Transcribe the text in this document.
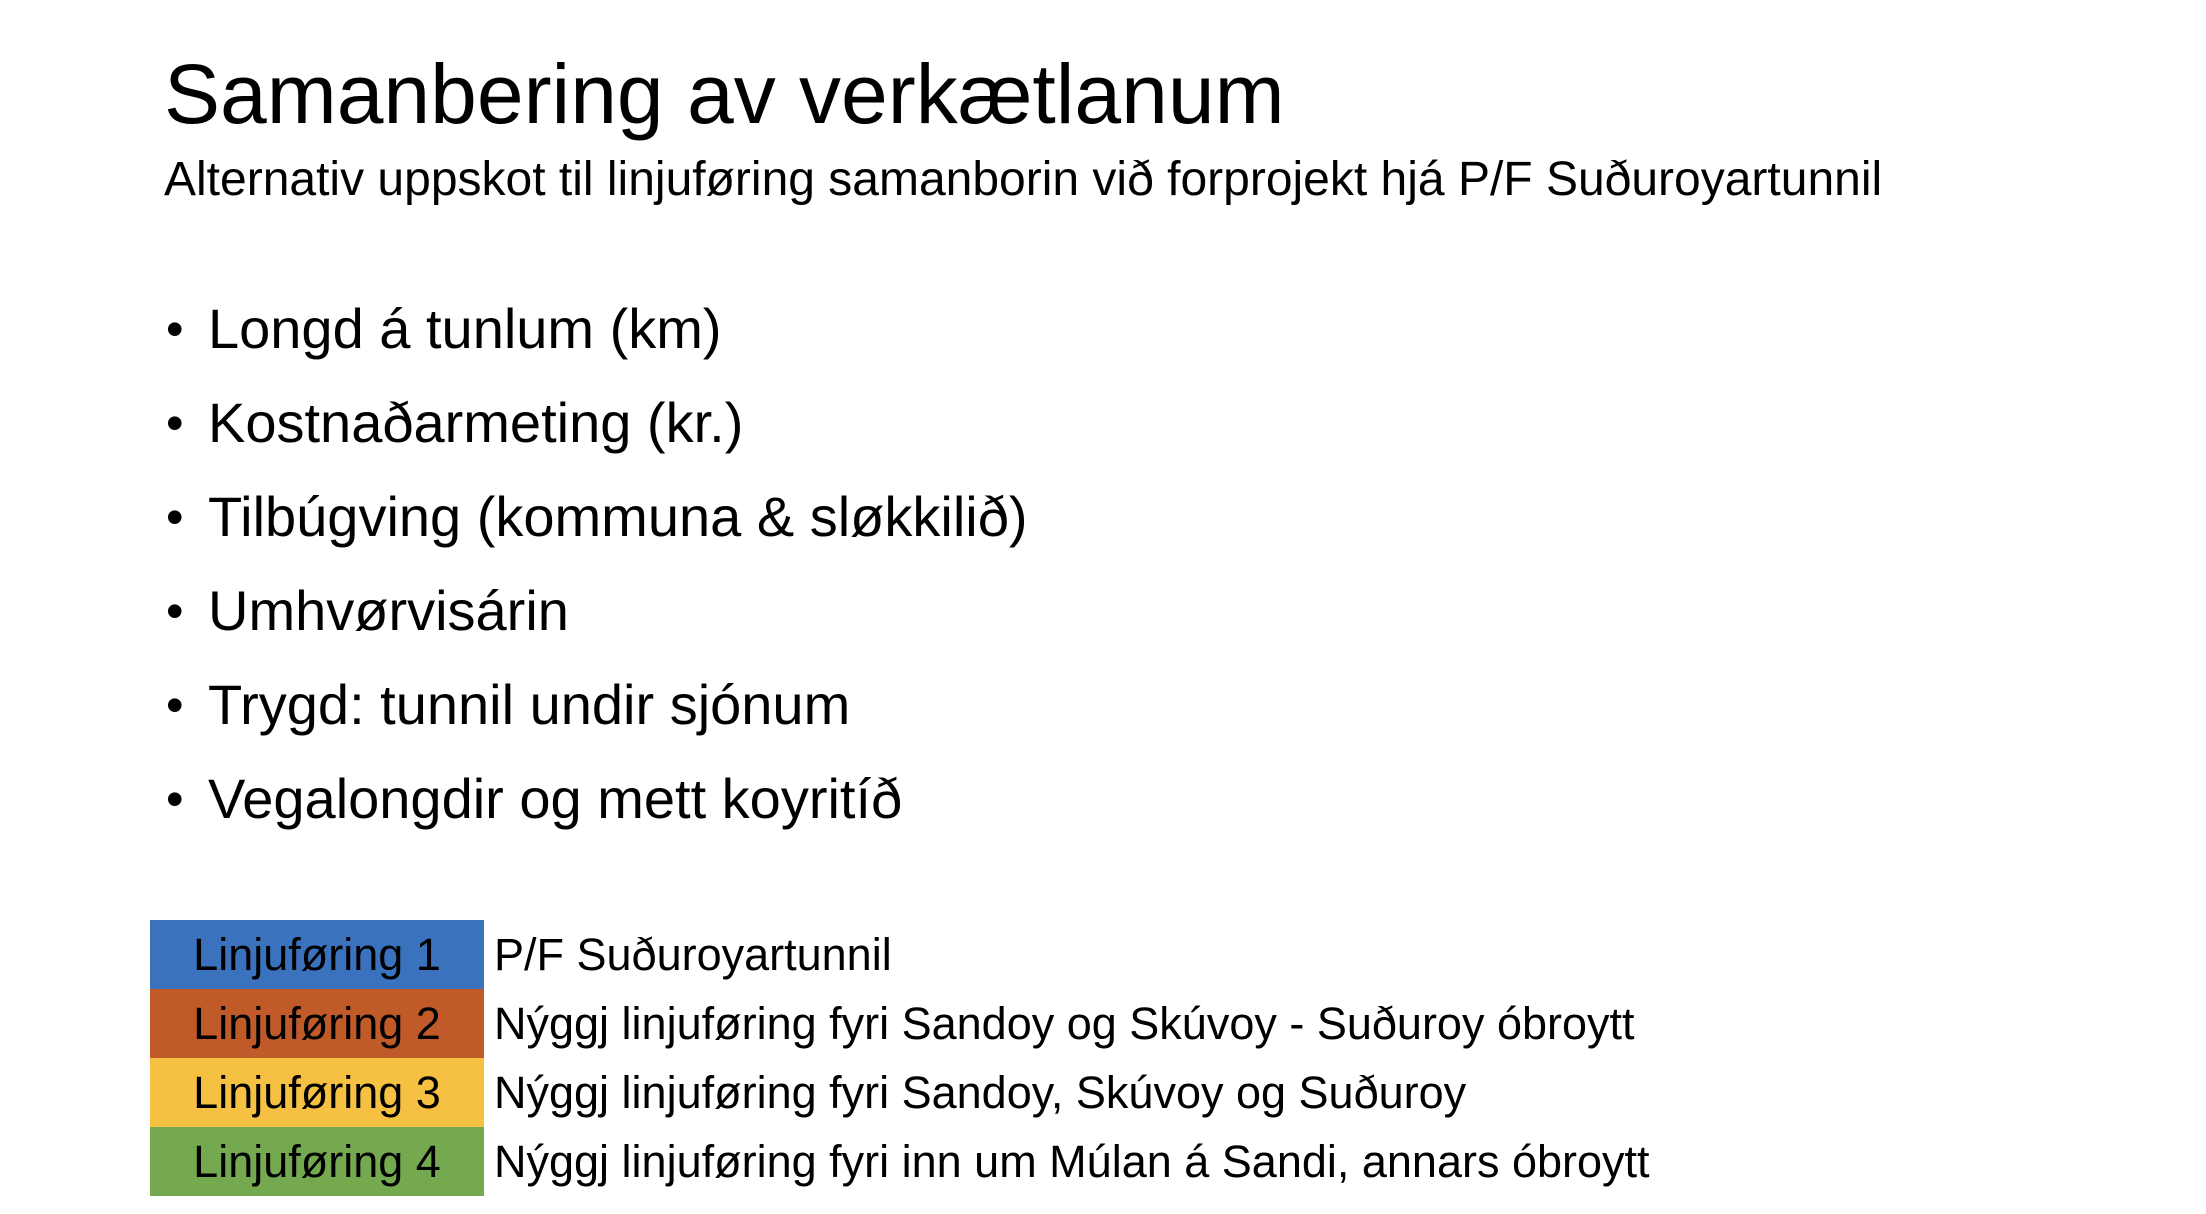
Samanbering av verkætlanum

Alternativ uppskot til linjuføring samanborin við forprojekt hjá P/F Suðuroyartunnil

• Longd á tunlum (km)
• Kostnaðarmeting (kr.)
• Tilbúgving (kommuna & sløkkilið)
• Umhvørvisárin
• Trygd: tunnil undir sjónum
• Vegalongdir og mett koyritíð
Linjuføring 1	P/F Suðuroyartunnil
Linjuføring 2	Nýggj linjuføring fyri Sandoy og Skúvoy - Suðuroy óbroytt
Linjuføring 3	Nýggj linjuføring fyri Sandoy, Skúvoy og Suðuroy
Linjuføring 4	Nýggj linjuføring fyri inn um Múlan á Sandi, annars óbroytt
